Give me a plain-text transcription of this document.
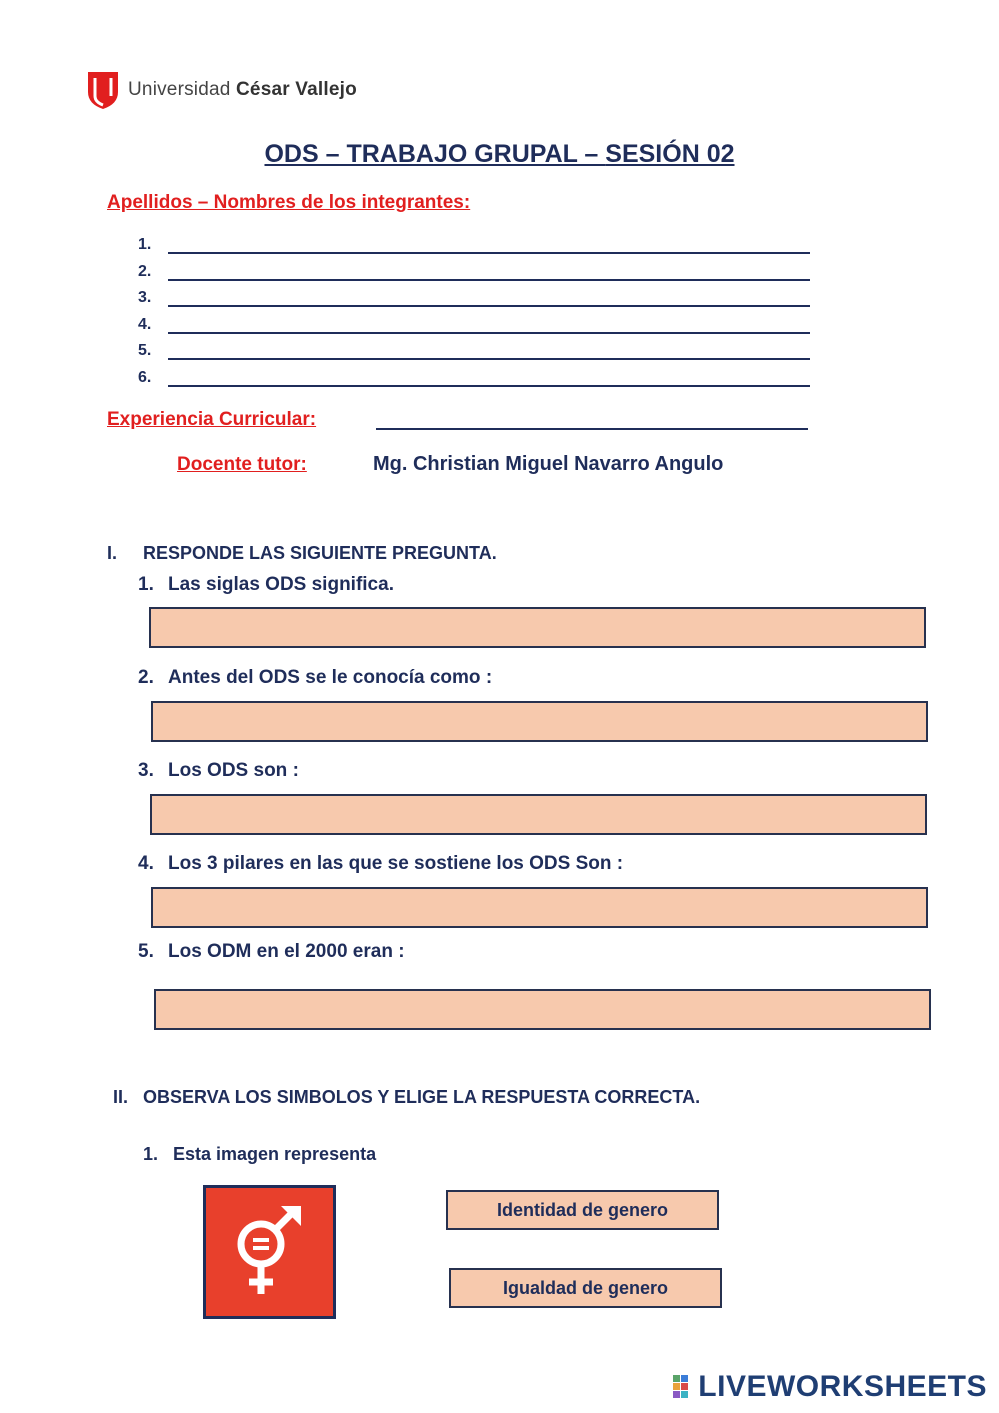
Universidad César Vallejo
ODS – TRABAJO GRUPAL – SESIÓN 02
Apellidos – Nombres de los integrantes:
1.
2.
3.
4.
5.
6.
Experiencia Curricular:
Docente tutor:	Mg. Christian Miguel Navarro Angulo
I. RESPONDE LAS SIGUIENTE PREGUNTA.
1. Las siglas ODS significa.
2. Antes del ODS se le conocía como :
3. Los ODS son :
4. Los 3 pilares en las que se sostiene los ODS Son :
5. Los ODM en el 2000 eran :
II. OBSERVA LOS SIMBOLOS Y ELIGE LA RESPUESTA CORRECTA.
1. Esta imagen representa
Identidad de genero
Igualdad de genero
LIVEWORKSHEETS
